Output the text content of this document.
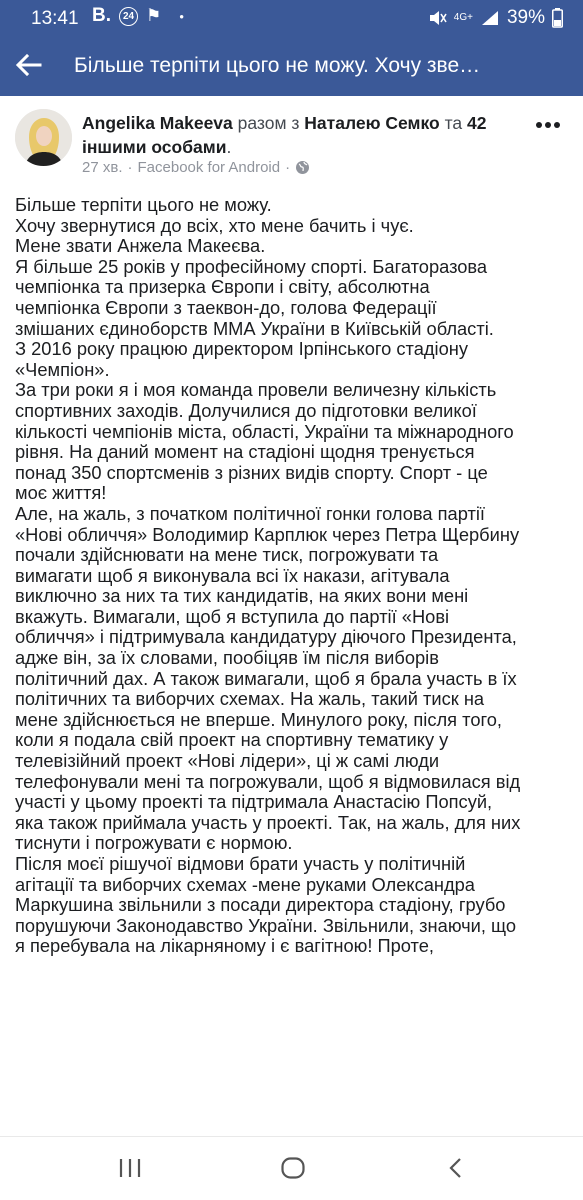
13:41 В.	24 ⚑ ●	4G+ 39%
Більше терпіти цього не можу. Хочу зве…
Angelika Makeeva разом з Наталею Семко та 42 іншими особами.
27 хв. · Facebook for Android ·

Більше терпіти цього не можу.

Хочу звернутися до всіх, хто мене бачить і чує.

Мене звати Анжела Макеєва.

Я більше 25 років у професійному спорті. Багаторазова

чемпіонка та призерка Європи і світу, абсолютна

чемпіонка Європи з таеквон-до, голова Федерації

змішаних єдиноборств ММА України в Київській області.

З 2016 року працюю директором Ірпінського стадіону

«Чемпіон».

За три роки я і моя команда провели величезну кількість

спортивних заходів. Долучилися до підготовки великої

кількості чемпіонів міста, області, України та міжнародного

рівня. На даний момент на стадіоні щодня тренується

понад 350 спортсменів з різних видів спорту. Спорт - це

моє життя!

Але, на жаль, з початком політичної гонки голова партії

«Нові обличчя» Володимир Карплюк через Петра Щербину

почали здійснювати на мене тиск, погрожувати та

вимагати щоб я виконувала всі їх накази, агітувала

виключно за них та тих кандидатів, на яких вони мені

вкажуть. Вимагали, щоб я вступила до партії «Нові

обличчя» і підтримувала кандидатуру діючого Президента,

адже він, за їх словами, пообіцяв їм після виборів

політичний дах. А також вимагали, щоб я брала участь в їх

політичних та виборчих схемах. На жаль, такий тиск на

мене здійснюється не вперше. Минулого року, після того,

коли я подала свій проект на спортивну тематику у

телевізійний проект «Нові лідери», ці ж самі люди

телефонували мені та погрожували, щоб я відмовилася від

участі у цьому проекті та підтримала Анастасію Попсуй,

яка також приймала участь у проекті. Так, на жаль, для них

тиснути і погрожувати є нормою.

Після моєї рішучої відмови брати участь у політичній

агітації та виборчих схемах -мене руками Олександра

Маркушина звільнили з посади директора стадіону, грубо

порушуючи Законодавство України. Звільнили, знаючи, що

я перебувала на лікарняному і є вагітною! Проте,
